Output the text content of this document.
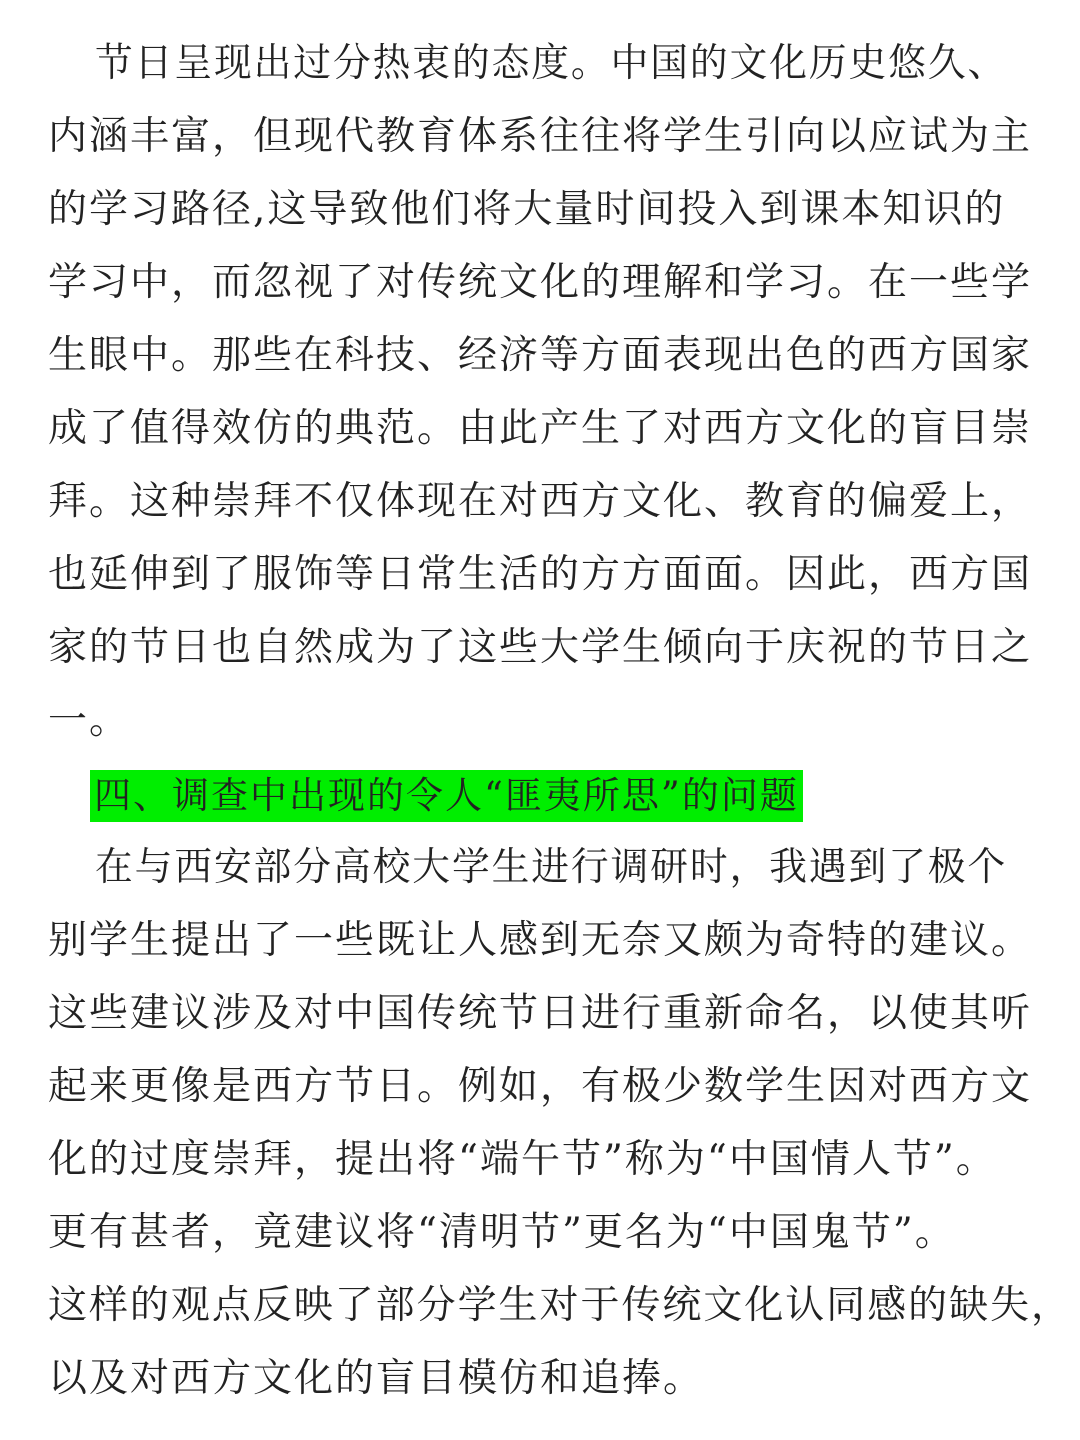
节日呈现出过分热衷的态度。中国的文化历史悠久、
内涵丰富，但现代教育体系往往将学生引向以应试为主
的学习路径,这导致他们将大量时间投入到课本知识的
学习中，而忽视了对传统文化的理解和学习。在一些学
生眼中。那些在科技、经济等方面表现出色的西方国家
成了值得效仿的典范。由此产生了对西方文化的盲目崇
拜。这种崇拜不仅体现在对西方文化、教育的偏爱上，
也延伸到了服饰等日常生活的方方面面。因此，西方国
家的节日也自然成为了这些大学生倾向于庆祝的节日之
一。
四、调查中出现的令人“匪夷所思”的问题
在与西安部分高校大学生进行调研时，我遇到了极个
别学生提出了一些既让人感到无奈又颇为奇特的建议。
这些建议涉及对中国传统节日进行重新命名，以使其听
起来更像是西方节日。例如，有极少数学生因对西方文
化的过度崇拜，提出将“端午节”称为“中国情人节”。
更有甚者，竟建议将“清明节”更名为“中国鬼节”。
这样的观点反映了部分学生对于传统文化认同感的缺失，
以及对西方文化的盲目模仿和追捧。
